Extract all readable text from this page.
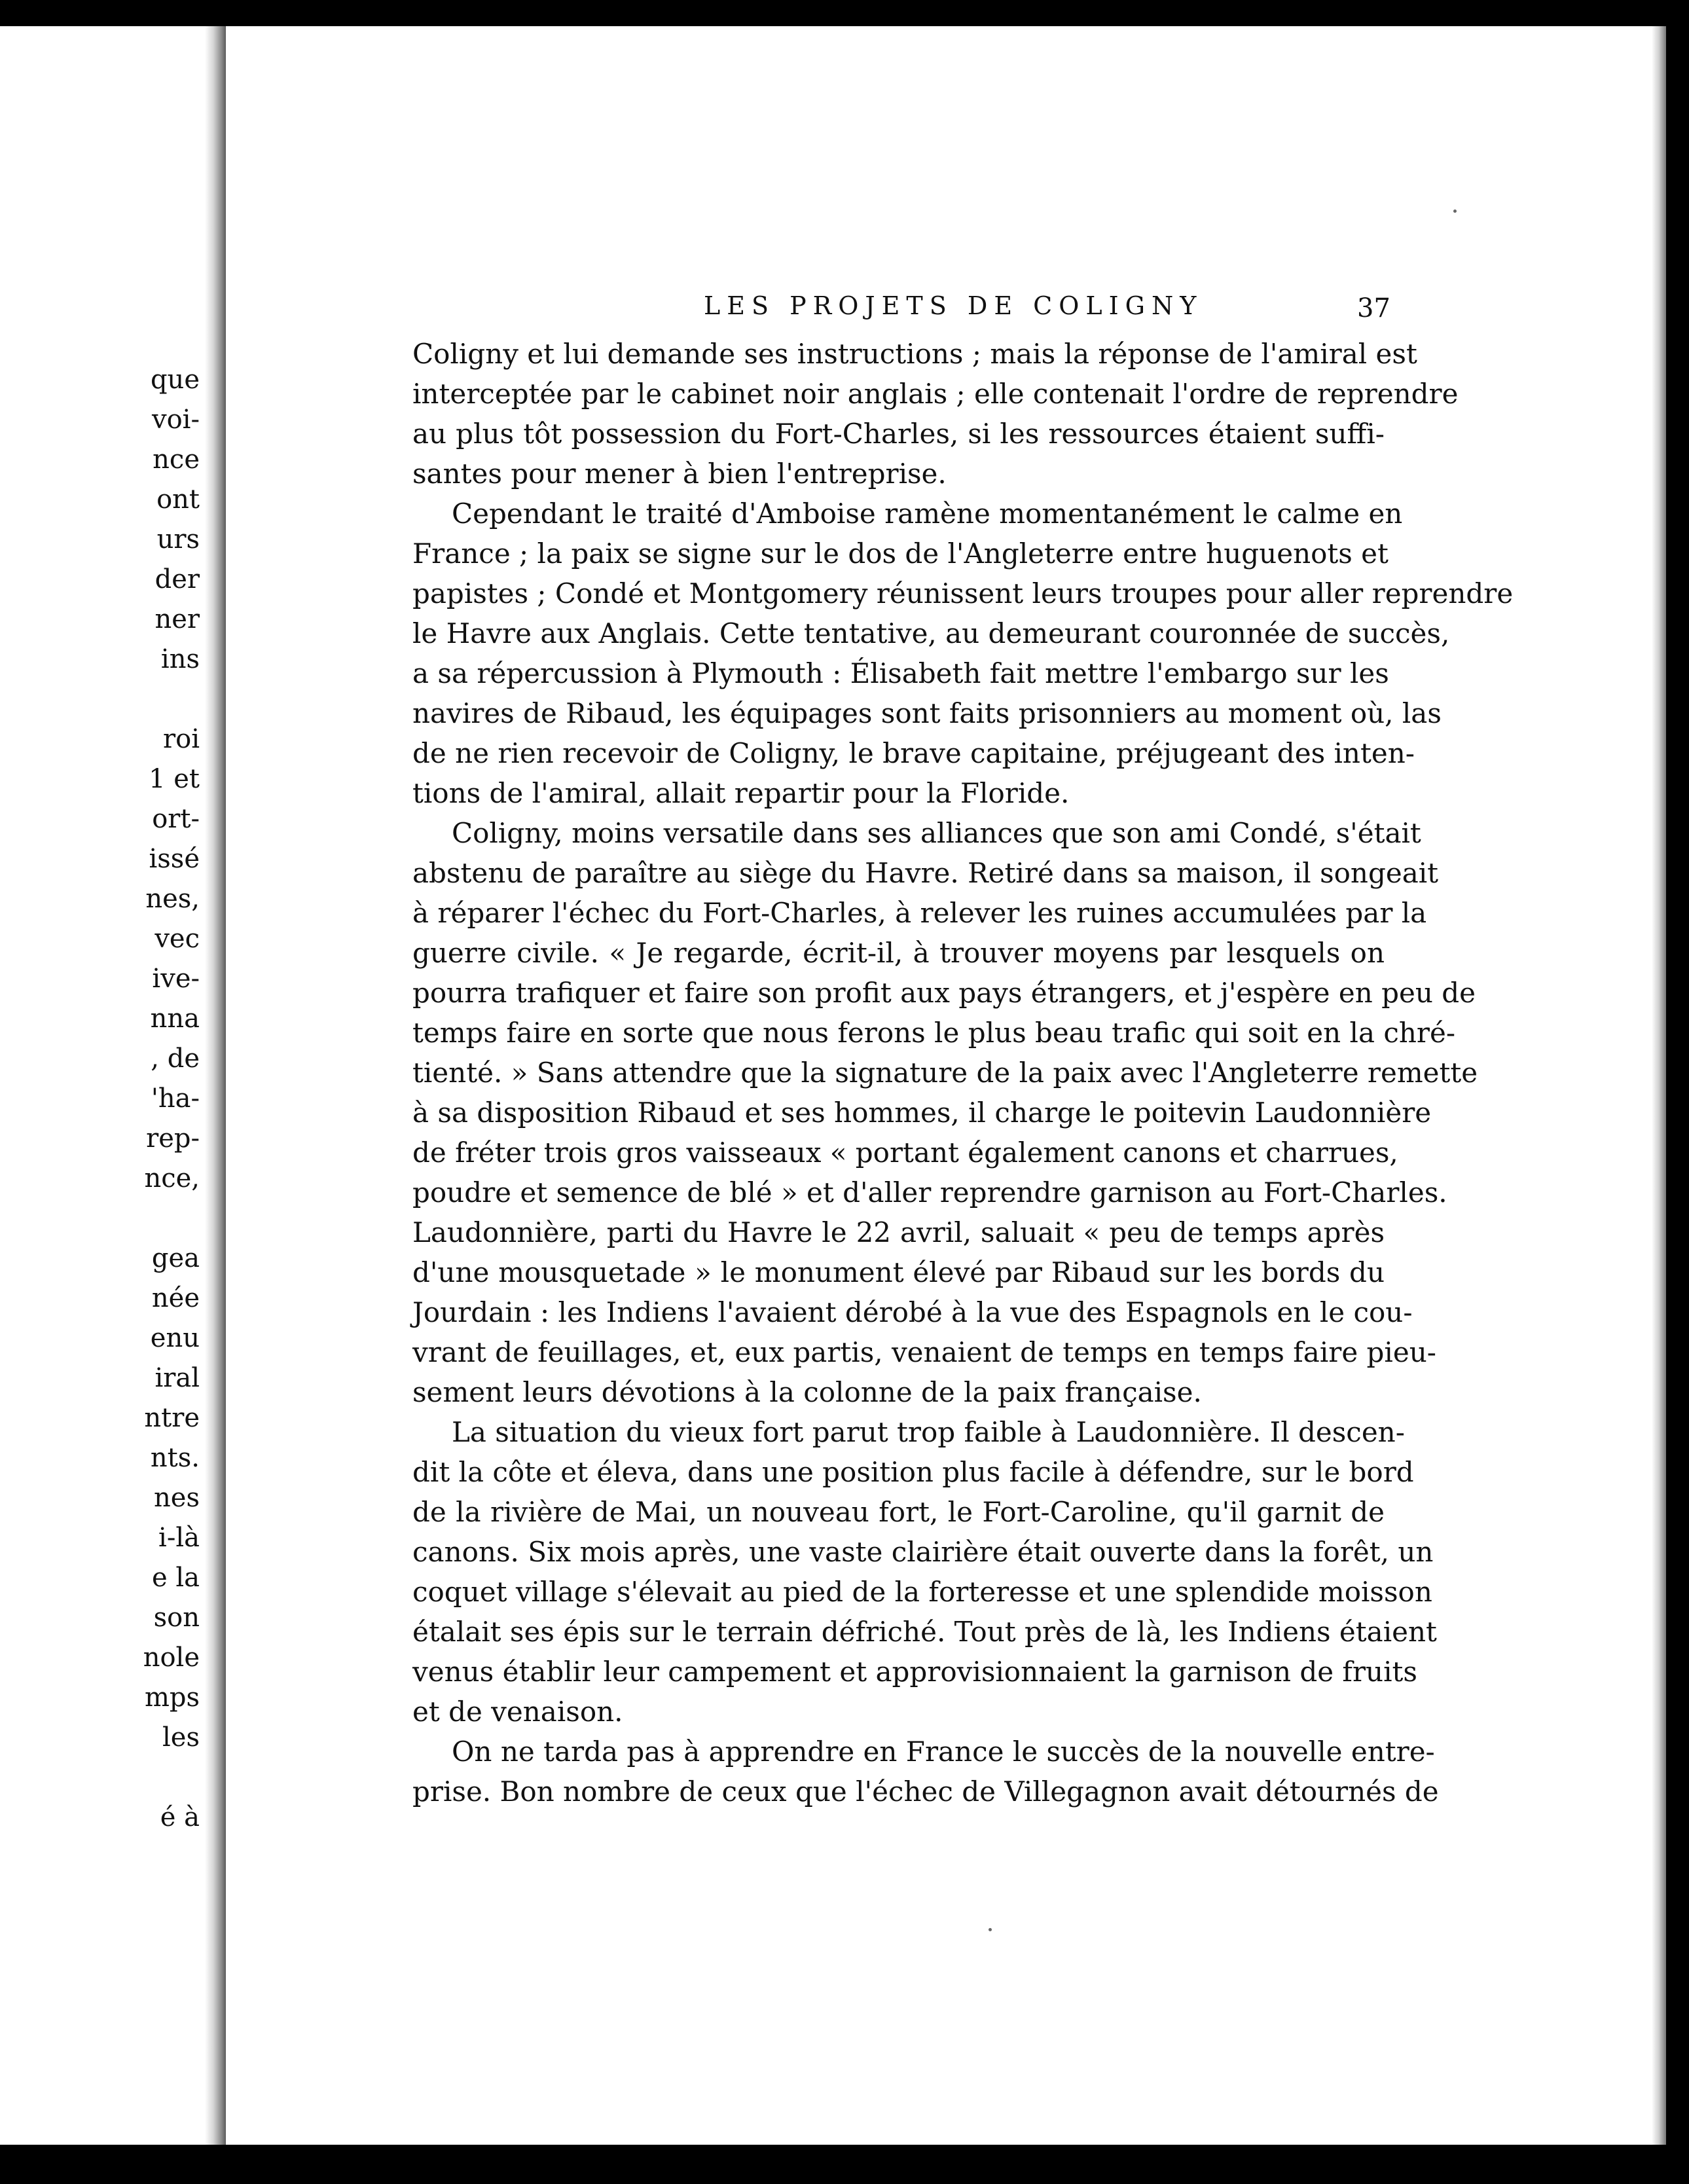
que
voi-
nce
ont
urs
der
ner
ins
roi
1 et
ort-
issé
nes,
vec
ive-
nna
, de
'ha-
rep-
nce,
gea
née
enu
iral
ntre
nts.
nes
i-là
e la
son
nole
mps
les
é à
LES PROJETS DE COLIGNY	37
Coligny et lui demande ses instructions ; mais la réponse de l'amiral est
interceptée par le cabinet noir anglais ; elle contenait l'ordre de reprendre
au plus tôt possession du Fort-Charles, si les ressources étaient suffi-
santes pour mener à bien l'entreprise.
Cependant le traité d'Amboise ramène momentanément le calme en
France ; la paix se signe sur le dos de l'Angleterre entre huguenots et
papistes ; Condé et Montgomery réunissent leurs troupes pour aller reprendre
le Havre aux Anglais. Cette tentative, au demeurant couronnée de succès,
a sa répercussion à Plymouth : Élisabeth fait mettre l'embargo sur les
navires de Ribaud, les équipages sont faits prisonniers au moment où, las
de ne rien recevoir de Coligny, le brave capitaine, préjugeant des inten-
tions de l'amiral, allait repartir pour la Floride.
Coligny, moins versatile dans ses alliances que son ami Condé, s'était
abstenu de paraître au siège du Havre. Retiré dans sa maison, il songeait
à réparer l'échec du Fort-Charles, à relever les ruines accumulées par la
guerre civile. « Je regarde, écrit-il, à trouver moyens par lesquels on
pourra trafiquer et faire son profit aux pays étrangers, et j'espère en peu de
temps faire en sorte que nous ferons le plus beau trafic qui soit en la chré-
tienté. » Sans attendre que la signature de la paix avec l'Angleterre remette
à sa disposition Ribaud et ses hommes, il charge le poitevin Laudonnière
de fréter trois gros vaisseaux « portant également canons et charrues,
poudre et semence de blé » et d'aller reprendre garnison au Fort-Charles.
Laudonnière, parti du Havre le 22 avril, saluait « peu de temps après
d'une mousquetade » le monument élevé par Ribaud sur les bords du
Jourdain : les Indiens l'avaient dérobé à la vue des Espagnols en le cou-
vrant de feuillages, et, eux partis, venaient de temps en temps faire pieu-
sement leurs dévotions à la colonne de la paix française.
La situation du vieux fort parut trop faible à Laudonnière. Il descen-
dit la côte et éleva, dans une position plus facile à défendre, sur le bord
de la rivière de Mai, un nouveau fort, le Fort-Caroline, qu'il garnit de
canons. Six mois après, une vaste clairière était ouverte dans la forêt, un
coquet village s'élevait au pied de la forteresse et une splendide moisson
étalait ses épis sur le terrain défriché. Tout près de là, les Indiens étaient
venus établir leur campement et approvisionnaient la garnison de fruits
et de venaison.
On ne tarda pas à apprendre en France le succès de la nouvelle entre-
prise. Bon nombre de ceux que l'échec de Villegagnon avait détournés de
